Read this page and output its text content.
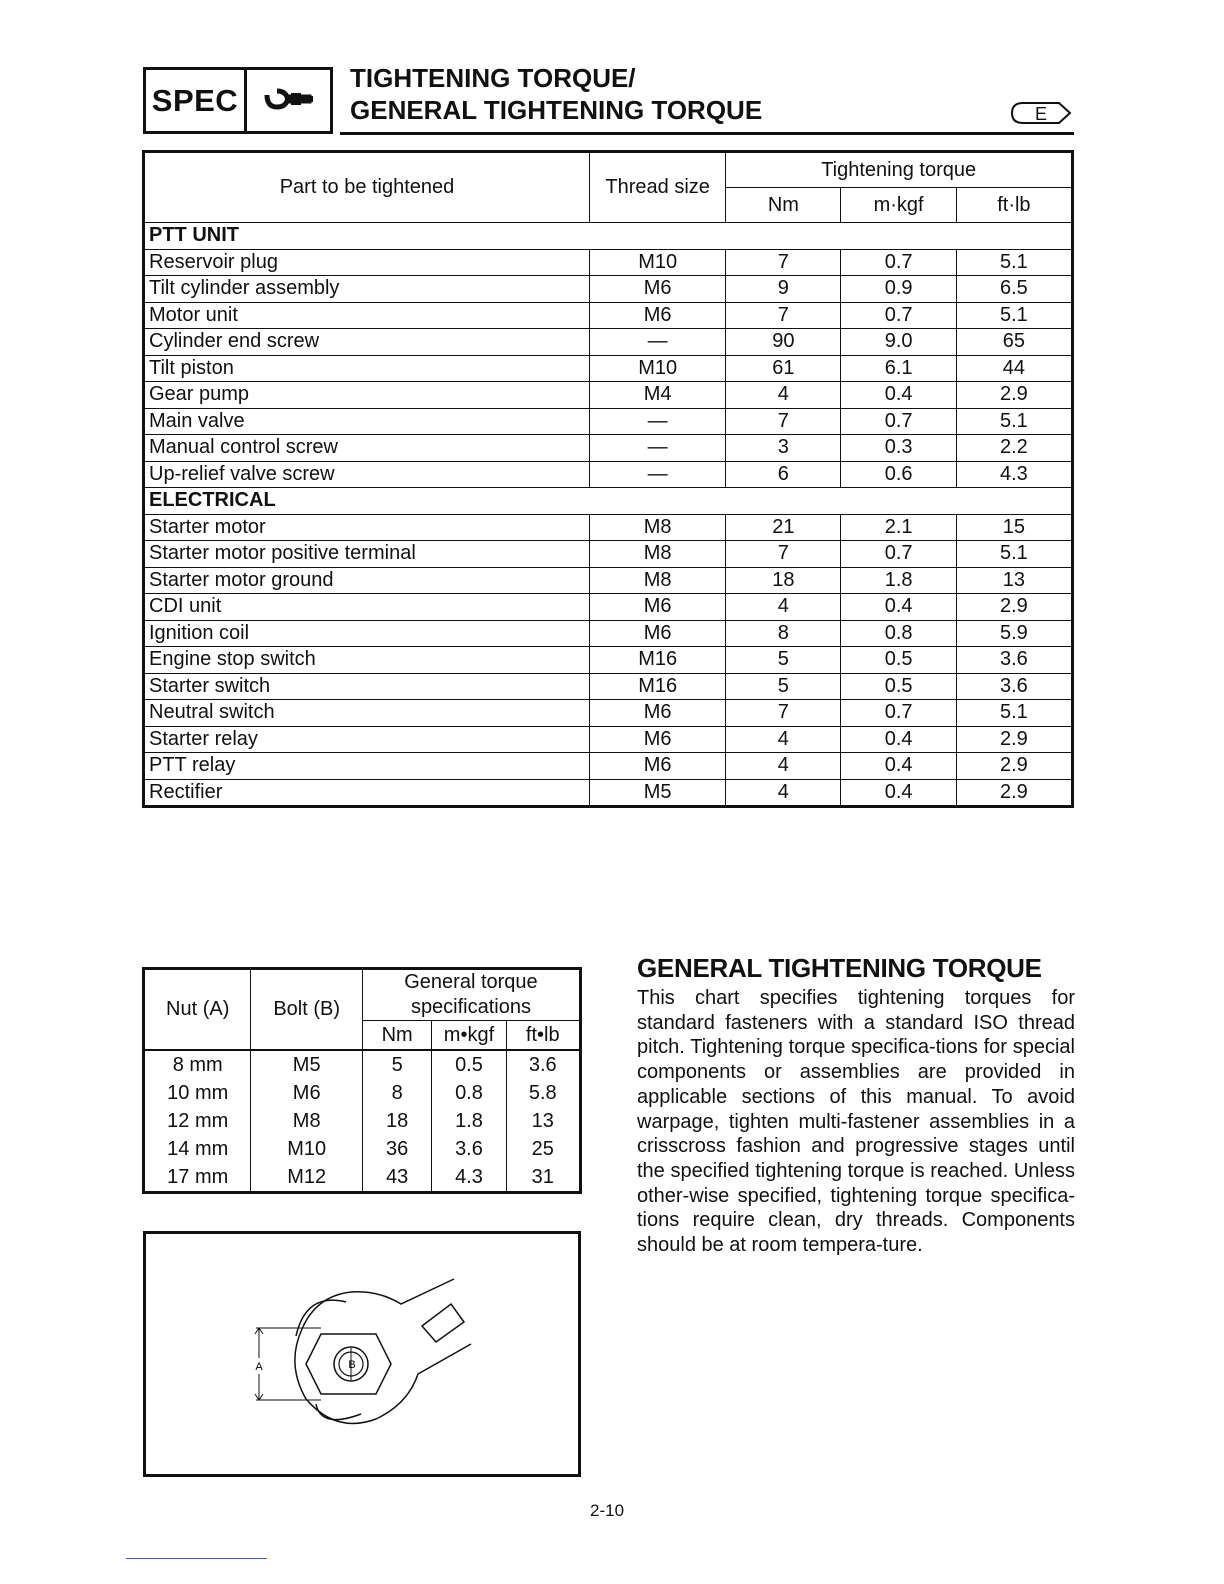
SPEC
TIGHTENING TORQUE/
GENERAL TIGHTENING TORQUE	E
Part to be tightened	Thread size	Tightening torque		
		Nm	m·kgf	ft·lb
PTT UNIT				
Reservoir plug	M10	7	0.7	5.1
Tilt cylinder assembly	M6	9	0.9	6.5
Motor unit	M6	7	0.7	5.1
Cylinder end screw	—	90	9.0	65
Tilt piston	M10	61	6.1	44
Gear pump	M4	4	0.4	2.9
Main valve	—	7	0.7	5.1
Manual control screw	—	3	0.3	2.2
Up-relief valve screw	—	6	0.6	4.3
ELECTRICAL				
Starter motor	M8	21	2.1	15
Starter motor positive terminal	M8	7	0.7	5.1
Starter motor ground	M8	18	1.8	13
CDI unit	M6	4	0.4	2.9
Ignition coil	M6	8	0.8	5.9
Engine stop switch	M16	5	0.5	3.6
Starter switch	M16	5	0.5	3.6
Neutral switch	M6	7	0.7	5.1
Starter relay	M6	4	0.4	2.9
PTT relay	M6	4	0.4	2.9
Rectifier	M5	4	0.4	2.9
Nut (A)	Bolt (B)	General torque specifications		
		Nm	m•kgf	ft•lb
8 mm	M5	5	0.5	3.6
10 mm	M6	8	0.8	5.8
12 mm	M8	18	1.8	13
14 mm	M10	36	3.6	25
17 mm	M12	43	4.3	31
B
A
GENERAL TIGHTENING TORQUE
This chart specifies tightening torques for standard fasteners with a standard ISO thread pitch. Tightening torque specifica-tions for special components or assemblies are provided in applicable sections of this manual. To avoid warpage, tighten multi-fastener assemblies in a crisscross fashion and progressive stages until the specified tightening torque is reached. Unless other-wise specified, tightening torque specifica-tions require clean, dry threads. Components should be at room tempera-ture.
2-10
